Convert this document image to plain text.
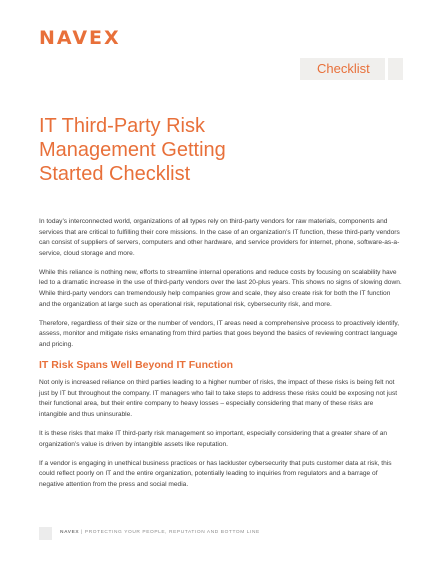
NAVEX
Checklist
IT Third-Party Risk
Management Getting
Started Checklist

In today’s interconnected world, organizations of all types rely on third-party vendors for raw materials, components and services that are critical to fulfilling their core missions. In the case of an organization’s IT function, these third-party vendors can consist of suppliers of servers, computers and other hardware, and service providers for internet, phone, software-as-a-service, cloud storage and more.

While this reliance is nothing new, efforts to streamline internal operations and reduce costs by focusing on scalability have led to a dramatic increase in the use of third-party vendors over the last 20-plus years. This shows no signs of slowing down. While third-party vendors can tremendously help companies grow and scale, they also create risk for both the IT function and the organization at large such as operational risk, reputational risk, cybersecurity risk, and more.

Therefore, regardless of their size or the number of vendors, IT areas need a comprehensive process to proactively identify, assess, monitor and mitigate risks emanating from third parties that goes beyond the basics of reviewing contract language and pricing.

IT Risk Spans Well Beyond IT Function

Not only is increased reliance on third parties leading to a higher number of risks, the impact of these risks is being felt not just by IT but throughout the company. IT managers who fail to take steps to address these risks could be exposing not just their functional area, but their entire company to heavy losses – especially considering that many of these risks are intangible and thus uninsurable.

It is these risks that make IT third-party risk management so important, especially considering that a greater share of an organization’s value is driven by intangible assets like reputation.

If a vendor is engaging in unethical business practices or has lackluster cybersecurity that puts customer data at risk, this could reflect poorly on IT and the entire organization, potentially leading to inquiries from regulators and a barrage of negative attention from the press and social media.

NAVEX | PROTECTING YOUR PEOPLE, REPUTATION AND BOTTOM LINE
